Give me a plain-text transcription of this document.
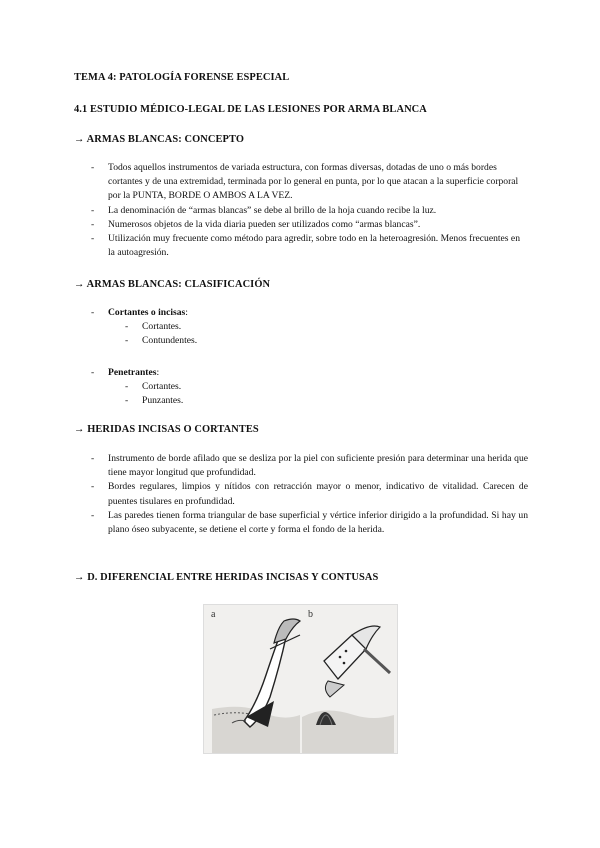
TEMA 4: PATOLOGÍA FORENSE ESPECIAL
4.1 ESTUDIO MÉDICO-LEGAL DE LAS LESIONES POR ARMA BLANCA
→ ARMAS BLANCAS: CONCEPTO
- Todos aquellos instrumentos de variada estructura, con formas diversas, dotadas de uno o más bordes cortantes y de una extremidad, terminada por lo general en punta, por lo que atacan a la superficie corporal por la PUNTA, BORDE O AMBOS A LA VEZ.
- La denominación de “armas blancas” se debe al brillo de la hoja cuando recibe la luz.
- Numerosos objetos de la vida diaria pueden ser utilizados como “armas blancas”.
- Utilización muy frecuente como método para agredir, sobre todo en la heteroagresión. Menos frecuentes en la autoagresión.
→ ARMAS BLANCAS: CLASIFICACIÓN
- Cortantes o incisas:
- Cortantes.
- Contundentes.
- Penetrantes:
- Cortantes.
- Punzantes.
→ HERIDAS INCISAS O CORTANTES
- Instrumento de borde afilado que se desliza por la piel con suficiente presión para determinar una herida que tiene mayor longitud que profundidad.
- Bordes regulares, limpios y nítidos con retracción mayor o menor, indicativo de vitalidad. Carecen de puentes tisulares en profundidad.
- Las paredes tienen forma triangular de base superficial y vértice inferior dirigido a la profundidad. Si hay un plano óseo subyacente, se detiene el corte y forma el fondo de la herida.
→ D. DIFERENCIAL ENTRE HERIDAS INCISAS Y CONTUSAS
a	b
